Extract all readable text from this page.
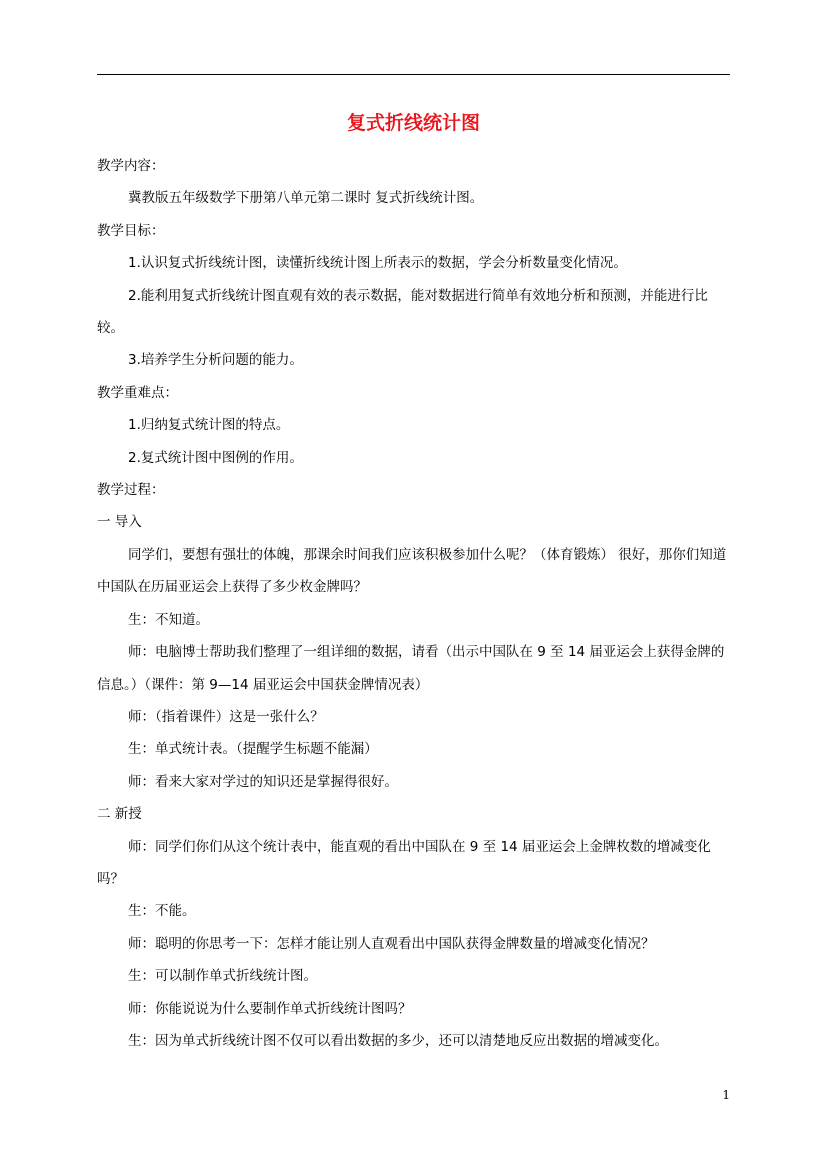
复式折线统计图

教学内容：

冀教版五年级数学下册第八单元第二课时 复式折线统计图。

教学目标：

1.认识复式折线统计图，读懂折线统计图上所表示的数据，学会分析数量变化情况。

2.能利用复式折线统计图直观有效的表示数据，能对数据进行简单有效地分析和预测，并能进行比较。

3.培养学生分析问题的能力。

教学重难点：

1.归纳复式统计图的特点。

2.复式统计图中图例的作用。

教学过程：

一 导入

同学们，要想有强壮的体魄，那课余时间我们应该积极参加什么呢？（体育锻炼） 很好，那你们知道中国队在历届亚运会上获得了多少枚金牌吗？

生：不知道。

师：电脑博士帮助我们整理了一组详细的数据，请看（出示中国队在 9 至 14 届亚运会上获得金牌的信息。）（课件：第 9—14 届亚运会中国获金牌情况表）

师：（指着课件）这是一张什么？

生：单式统计表。（提醒学生标题不能漏）

师：看来大家对学过的知识还是掌握得很好。

二 新授

师：同学们你们从这个统计表中，能直观的看出中国队在 9 至 14 届亚运会上金牌枚数的增减变化吗？

生：不能。

师：聪明的你思考一下：怎样才能让别人直观看出中国队获得金牌数量的增减变化情况？

生：可以制作单式折线统计图。

师：你能说说为什么要制作单式折线统计图吗？

生：因为单式折线统计图不仅可以看出数据的多少，还可以清楚地反应出数据的增减变化。

1
